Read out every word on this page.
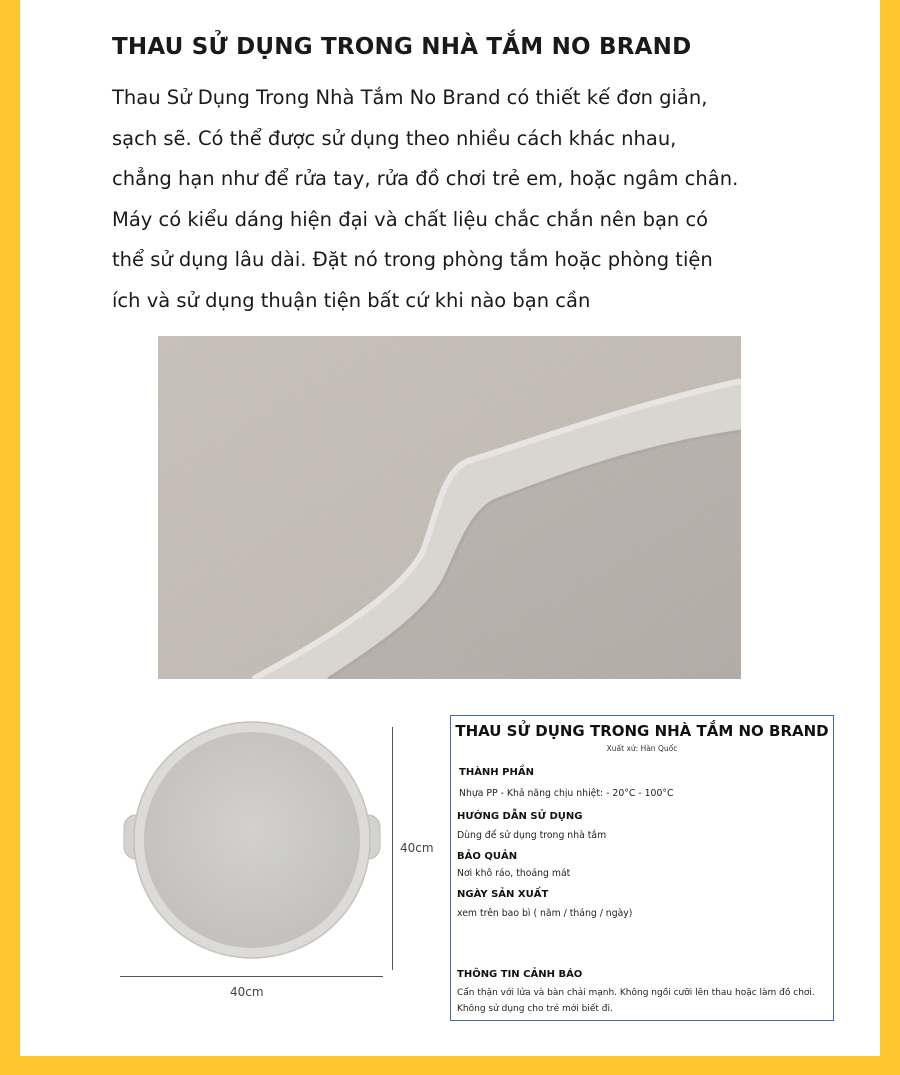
THAU SỬ DỤNG TRONG NHÀ TẮM NO BRAND
Thau Sử Dụng Trong Nhà Tắm No Brand có thiết kế đơn giản,
sạch sẽ. Có thể được sử dụng theo nhiều cách khác nhau,
chẳng hạn như để rửa tay, rửa đồ chơi trẻ em, hoặc ngâm chân.
Máy có kiểu dáng hiện đại và chất liệu chắc chắn nên bạn có
thể sử dụng lâu dài. Đặt nó trong phòng tắm hoặc phòng tiện
ích và sử dụng thuận tiện bất cứ khi nào bạn cần
40cm
40cm
THAU SỬ DỤNG TRONG NHÀ TẮM NO BRAND
Xuất xứ: Hàn Quốc
THÀNH PHẦN
Nhựa PP - Khả năng chịu nhiệt: - 20°C - 100°C
HƯỚNG DẪN SỬ DỤNG
Dùng để sử dụng trong nhà tắm
BẢO QUẢN
Nơi khô ráo, thoáng mát
NGÀY SẢN XUẤT
xem trên bao bì ( năm / tháng / ngày)
THÔNG TIN CẢNH BÁO
Cẩn thận với lửa và bàn chải mạnh. Không ngồi cưỡi lên thau hoặc làm đồ chơi.
Không sử dụng cho trẻ mới biết đi.
